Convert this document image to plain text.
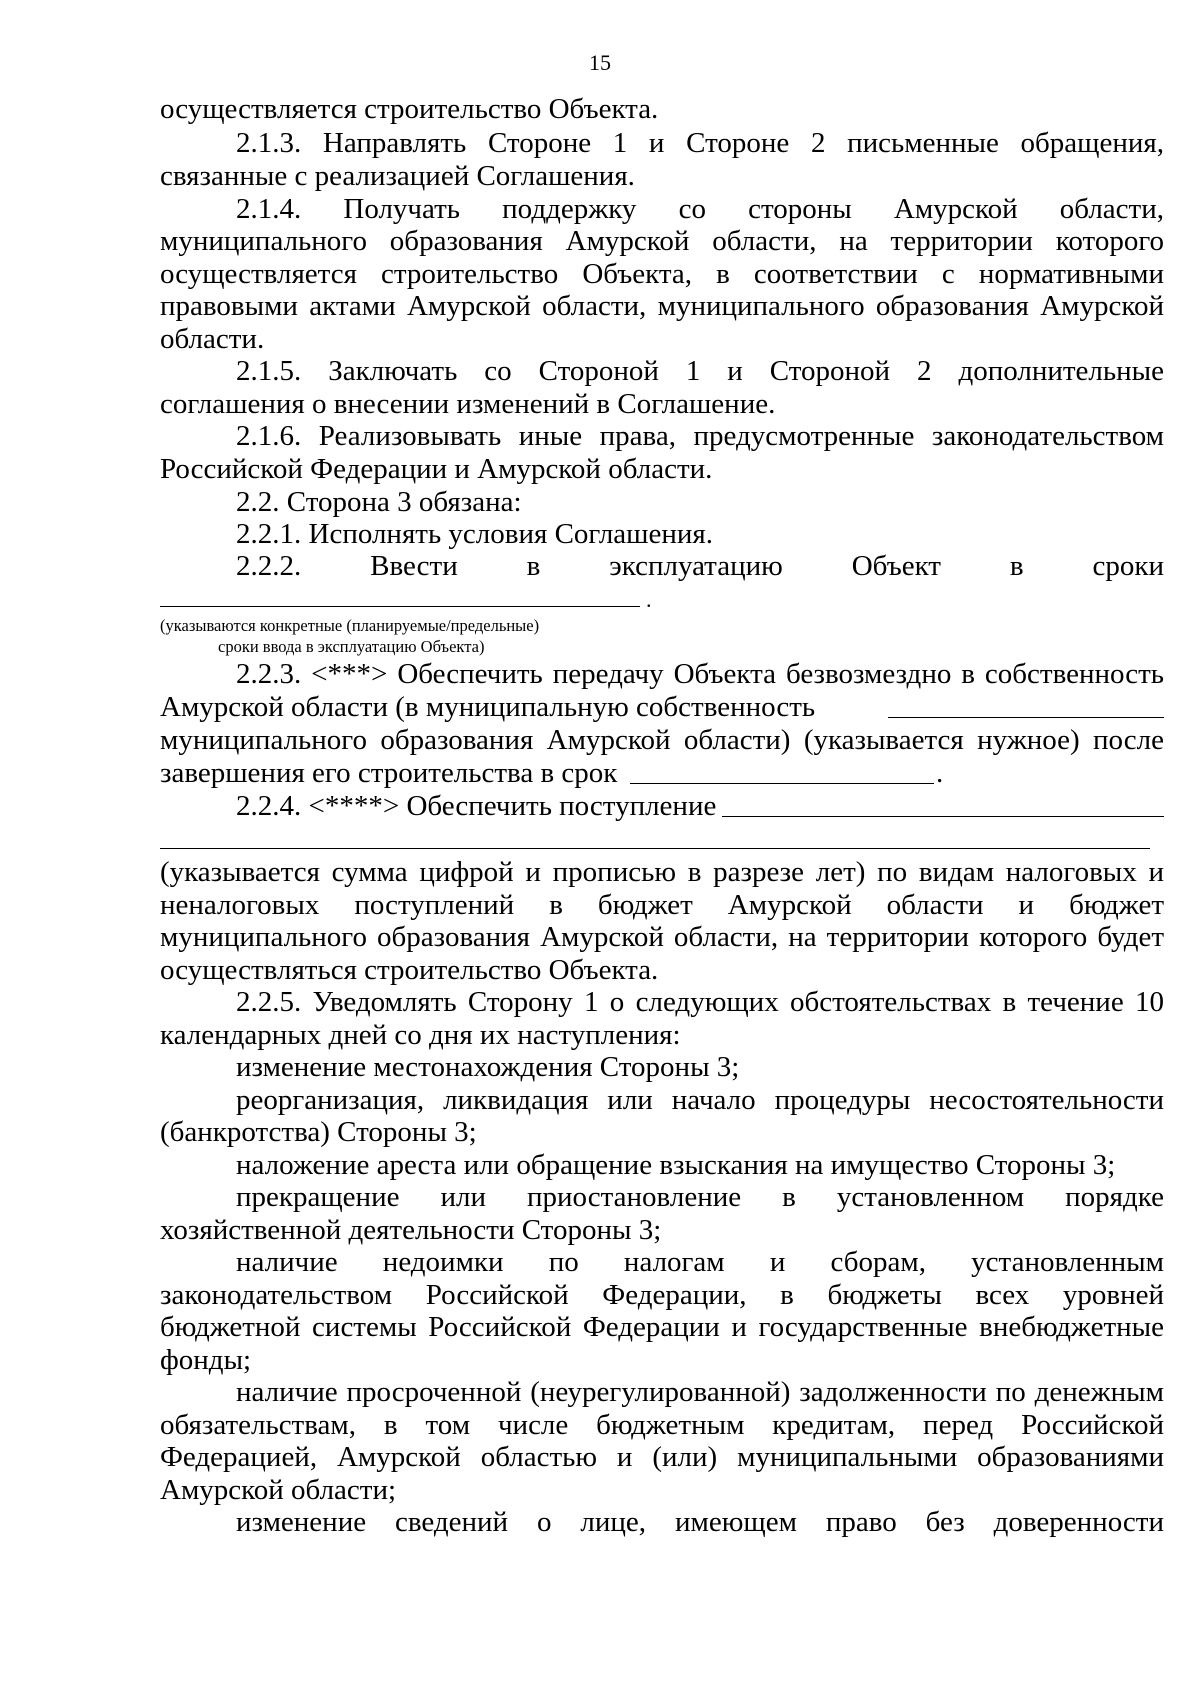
15
осуществляется строительство Объекта.
2.1.3. Направлять Стороне 1 и Стороне 2 письменные обращения,
связанные с реализацией Соглашения.
2.1.4. Получать поддержку со стороны Амурской области,
муниципального образования Амурской области, на территории которого
осуществляется строительство Объекта, в соответствии с нормативными
правовыми актами Амурской области, муниципального образования Амурской
области.
2.1.5. Заключать со Стороной 1 и Стороной 2 дополнительные
соглашения о внесении изменений в Соглашение.
2.1.6. Реализовывать иные права, предусмотренные законодательством
Российской Федерации и Амурской области.
2.2. Сторона 3 обязана:
2.2.1. Исполнять условия Соглашения.
2.2.2. Ввести в эксплуатацию Объект в сроки
.
(указываются конкретные (планируемые/предельные)
сроки ввода в эксплуатацию Объекта)
2.2.3. <***> Обеспечить передачу Объекта безвозмездно в собственность
Амурской области (в муниципальную собственность
муниципального образования Амурской области) (указывается нужное) после
завершения его строительства в срок	.
2.2.4. <****> Обеспечить поступление
(указывается сумма цифрой и прописью в разрезе лет) по видам налоговых и
неналоговых поступлений в бюджет Амурской области и бюджет
муниципального образования Амурской области, на территории которого будет
осуществляться строительство Объекта.
2.2.5. Уведомлять Сторону 1 о следующих обстоятельствах в течение 10
календарных дней со дня их наступления:
изменение местонахождения Стороны 3;
реорганизация, ликвидация или начало процедуры несостоятельности
(банкротства) Стороны 3;
наложение ареста или обращение взыскания на имущество Стороны 3;
прекращение или приостановление в установленном порядке
хозяйственной деятельности Стороны 3;
наличие недоимки по налогам и сборам, установленным
законодательством Российской Федерации, в бюджеты всех уровней
бюджетной системы Российской Федерации и государственные внебюджетные
фонды;
наличие просроченной (неурегулированной) задолженности по денежным
обязательствам, в том числе бюджетным кредитам, перед Российской
Федерацией, Амурской областью и (или) муниципальными образованиями
Амурской области;
изменение сведений о лице, имеющем право без доверенности
